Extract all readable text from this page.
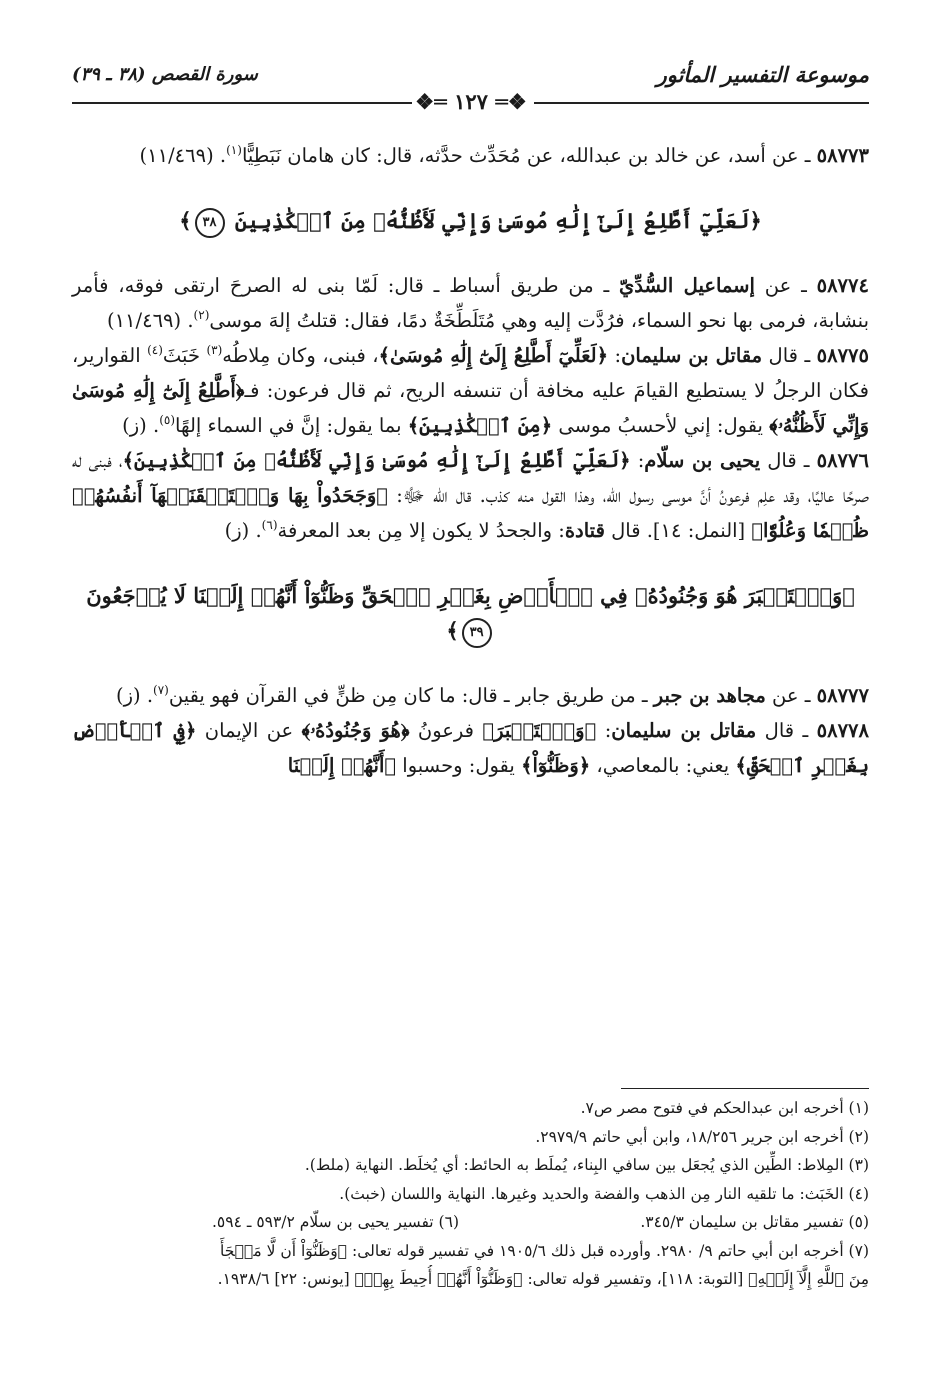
موسوعة التفسير المأثور
سورة القصص (٣٨ ـ ٣٩)
❖═ ١٢٧ ═❖

٥٨٧٧٣ ـ عن أسد، عن خالد بن عبدالله، عن مُحَدِّث حدَّثه، قال: كان هامان نَبَطِيًّا$^{(١)}$. (١١/٤٦٩)

﴿لَعَلِّيٓ أَطَّلِعُ إِلَىٰٓ إِلَٰهِ مُوسَىٰ وَإِنِّي لَأَظُنُّهُۥ مِنَ ٱلۡكَٰذِبِينَ ٣٨﴾

٥٨٧٧٤ ـ عن إسماعيل السُّدِّيّ ـ من طريق أسباط ـ قال: لَمّا بنى له الصرحَ ارتقى فوقه، فأمر بنشابة، فرمى بها نحو السماء، فرُدَّت إليه وهي مُتَلَطِّخَةٌ دمًا، فقال: قتلتُ إلهَ موسى$^{(٢)}$. (١١/٤٦٩)

٥٨٧٧٥ ـ قال مقاتل بن سليمان: ﴿لَعَلِّيٓ أَطَّلِعُ إِلَىٰٓ إِلَٰهِ مُوسَىٰ﴾، فبنى، وكان مِلاطُه$^{(٣)}$ خَبَثَ$^{(٤)}$ القوارير، فكان الرجلُ لا يستطيع القيامَ عليه مخافة أن تنسفه الريح، ثم قال فرعون: فـ﴿أَطَّلِعُ إِلَىٰٓ إِلَٰهِ مُوسَىٰ وَإِنِّي لَأَظُنُّهُۥ﴾ يقول: إني لأحسبُ موسى ﴿مِنَ ٱلۡكَٰذِبِينَ﴾ بما يقول: إنَّ في السماء إلهًا$^{(٥)}$. (ز)

٥٨٧٧٦ ـ قال يحيى بن سلّام: ﴿لَعَلِّيٓ أَطَّلِعُ إِلَىٰٓ إِلَٰهِ مُوسَىٰ وَإِنِّي لَأَظُنُّهُۥ مِنَ ٱلۡكَٰذِبِينَ﴾، فبنى له صرحًا عاليًا، وقد علِم فرعونُ أنَّ موسى رسول الله، وهذا القول منه كذب. قال الله ﷻ: ﴿وَجَحَدُواْ بِهَا وَٱسۡتَيۡقَنَتۡهَآ أَنفُسُهُمۡ ظُلۡمٗا وَعُلُوّٗا﴾ [النمل: ١٤]. قال قتادة: والجحدُ لا يكون إلا مِن بعد المعرفة$^{(٦)}$. (ز)

﴿وَٱسۡتَكۡبَرَ هُوَ وَجُنُودُهُۥ فِي ٱلۡأَرۡضِ بِغَيۡرِ ٱلۡحَقِّ وَظَنُّوٓاْ أَنَّهُمۡ إِلَيۡنَا لَا يُرۡجَعُونَ ٣٩﴾

٥٨٧٧٧ ـ عن مجاهد بن جبر ـ من طريق جابر ـ قال: ما كان مِن ظنٍّ في القرآن فهو يقين$^{(٧)}$. (ز)

٥٨٧٧٨ ـ قال مقاتل بن سليمان: ﴿وَٱسۡتَكۡبَرَ﴾ فرعونُ ﴿هُوَ وَجُنُودُهُۥ﴾ عن الإيمان ﴿فِي ٱلۡأَرۡضِ بِغَيۡرِ ٱلۡحَقِّ﴾ يعني: بالمعاصي، ﴿وَظَنُّوٓاْ﴾ يقول: وحسبوا ﴿أَنَّهُمۡ إِلَيۡنَا

(١) أخرجه ابن عبدالحكم في فتوح مصر ص٧.

(٢) أخرجه ابن جرير ١٨/٢٥٦، وابن أبي حاتم ٢٩٧٩/٩.

(٣) المِلاط: الطِّين الذي يُجعَل بين سافي البِناء، يُملَط به الحائط: أي يُخلَط. النهاية (ملط).

(٤) الخَبَث: ما تلقيه النار مِن الذهب والفضة والحديد وغيرها. النهاية واللسان (خبث).

(٥) تفسير مقاتل بن سليمان ٣٤٥/٣.
(٦) تفسير يحيى بن سلّام ٥٩٣/٢ ـ ٥٩٤.

(٧) أخرجه ابن أبي حاتم ٩/ ٢٩٨٠. وأورده قبل ذلك ١٩٠٥/٦ في تفسير قوله تعالى: ﴿وَظَنُّوٓاْ أَن لَّا مَلۡجَأَ

مِنَ ٱللَّهِ إِلَّآ إِلَيۡهِ﴾ [التوبة: ١١٨]، وتفسير قوله تعالى: ﴿وَظَنُّوٓاْ أَنَّهُمۡ أُحِيطَ بِهِمۡ﴾ [يونس: ٢٢] ١٩٣٨/٦.
